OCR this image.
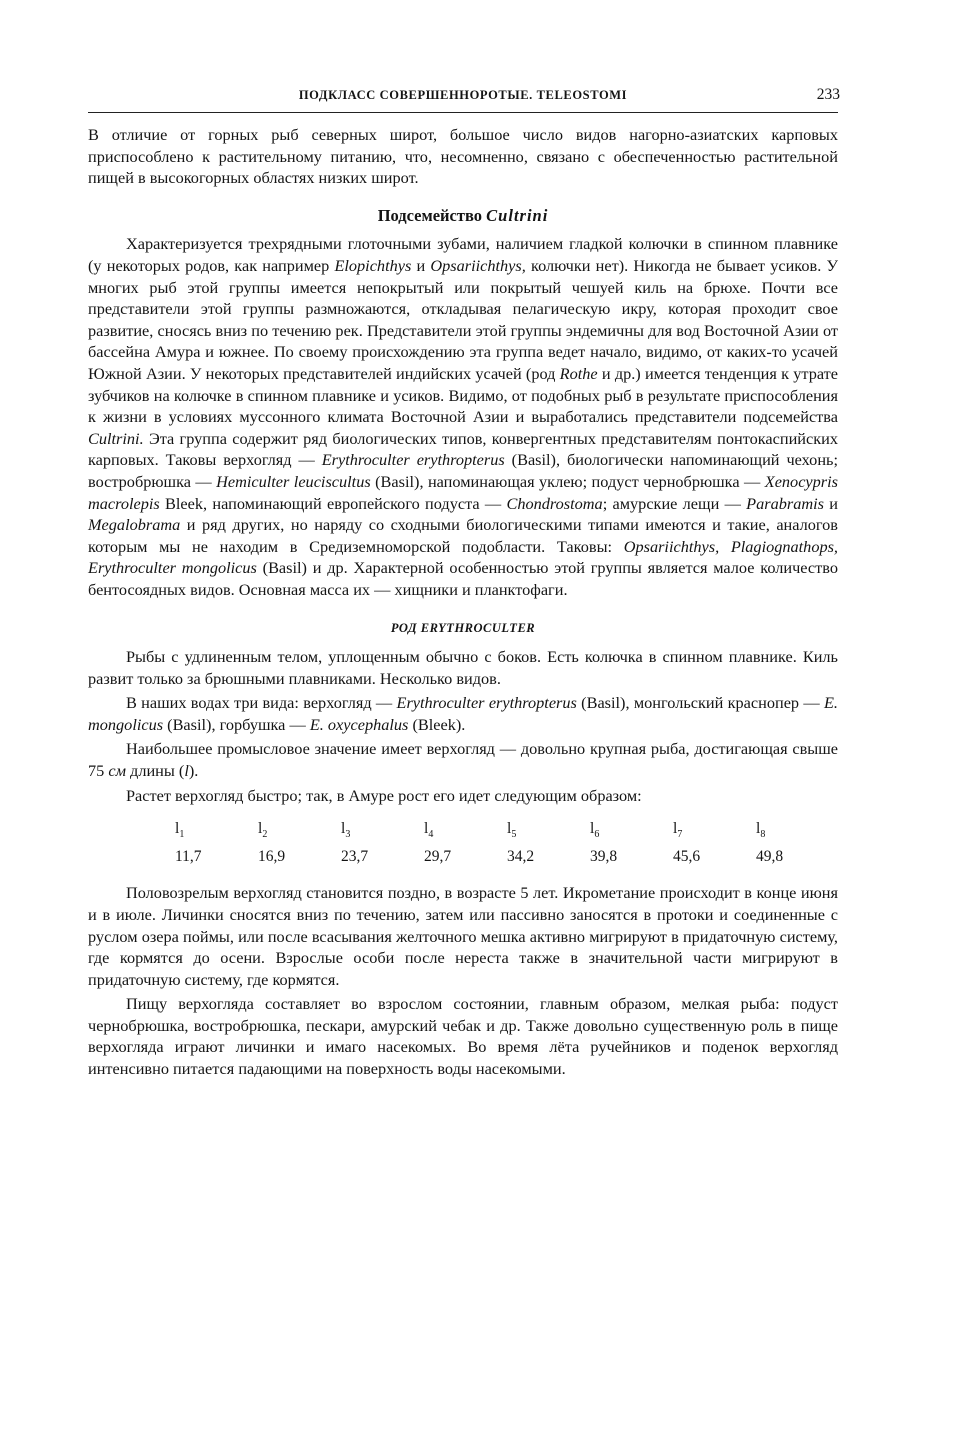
ПОДКЛАСС СОВЕРШЕННОРОТЫЕ. TELEOSTOMI	233

В отличие от горных рыб северных широт, большое число видов нагорно-азиатских карповых приспособлено к растительному питанию, что, несомненно, связано с обеспеченностью растительной пищей в высокогорных областях низких широт.

Подсемейство Cultrini

Характеризуется трехрядными глоточными зубами, наличием гладкой колючки в спинном плавнике (у некоторых родов, как например Elopichthys и Opsariichthys, колючки нет). Никогда не бывает усиков. У многих рыб этой группы имеется непокрытый или покрытый чешуей киль на брюхе. Почти все представители этой группы размножаются, откладывая пелагическую икру, которая проходит свое развитие, сносясь вниз по течению рек. Представители этой группы эндемичны для вод Восточной Азии от бассейна Амура и южнее. По своему происхождению эта группа ведет начало, видимо, от каких-то усачей Южной Азии. У некоторых представителей индийских усачей (род Rothe и др.) имеется тенденция к утрате зубчиков на колючке в спинном плавнике и усиков. Видимо, от подобных рыб в результате приспособления к жизни в условиях муссонного климата Восточной Азии и выработались представители подсемейства Cultrini. Эта группа содержит ряд биологических типов, конвергентных представителям понтокаспийских карповых. Таковы верхогляд — Erythroculter erythropterus (Basil), биологически напоминающий чехонь; востробрюшка — Hemiculter leuciscultus (Basil), напоминающая уклею; подуст чернобрюшка — Xenocypris macrolepis Bleek, напоминающий европейского подуста — Chondrostoma; амурские лещи — Parabramis и Megalobrama и ряд других, но наряду со сходными биологическими типами имеются и такие, аналогов которым мы не находим в Средиземноморской подобласти. Таковы: Opsariichthys, Plagiognathops, Erythroculter mongolicus (Basil) и др. Характерной особенностью этой группы является малое количество бентосоядных видов. Основная масса их — хищники и планктофаги.

РОД ERYTHROCULTER

Рыбы с удлиненным телом, уплощенным обычно с боков. Есть колючка в спинном плавнике. Киль развит только за брюшными плавниками. Несколько видов.

В наших водах три вида: верхогляд — Erythroculter erythropterus (Basil), монгольский краснопер — E. mongolicus (Basil), горбушка — E. oxycephalus (Bleek).

Наибольшее промысловое значение имеет верхогляд — довольно крупная рыба, достигающая свыше 75 см длины (l).

Растет верхогляд быстро; так, в Амуре рост его идет следующим образом:

$l_1$	$l_2$	$l_3$	$l_4$	$l_5$	$l_6$	$l_7$	$l_8$
11,7	16,9	23,7	29,7	34,2	39,8	45,6	49,8

Половозрелым верхогляд становится поздно, в возрасте 5 лет. Икрометание происходит в конце июня и в июле. Личинки сносятся вниз по течению, затем или пассивно заносятся в протоки и соединенные с руслом озера поймы, или после всасывания желточного мешка активно мигрируют в придаточную систему, где кормятся до осени. Взрослые особи после нереста также в значительной части мигрируют в придаточную систему, где кормятся.

Пищу верхогляда составляет во взрослом состоянии, главным образом, мелкая рыба: подуст чернобрюшка, востробрюшка, пескари, амурский чебак и др. Также довольно существенную роль в пище верхогляда играют личинки и имаго насекомых. Во время лёта ручейников и поденок верхогляд интенсивно питается падающими на поверхность воды насекомыми.
